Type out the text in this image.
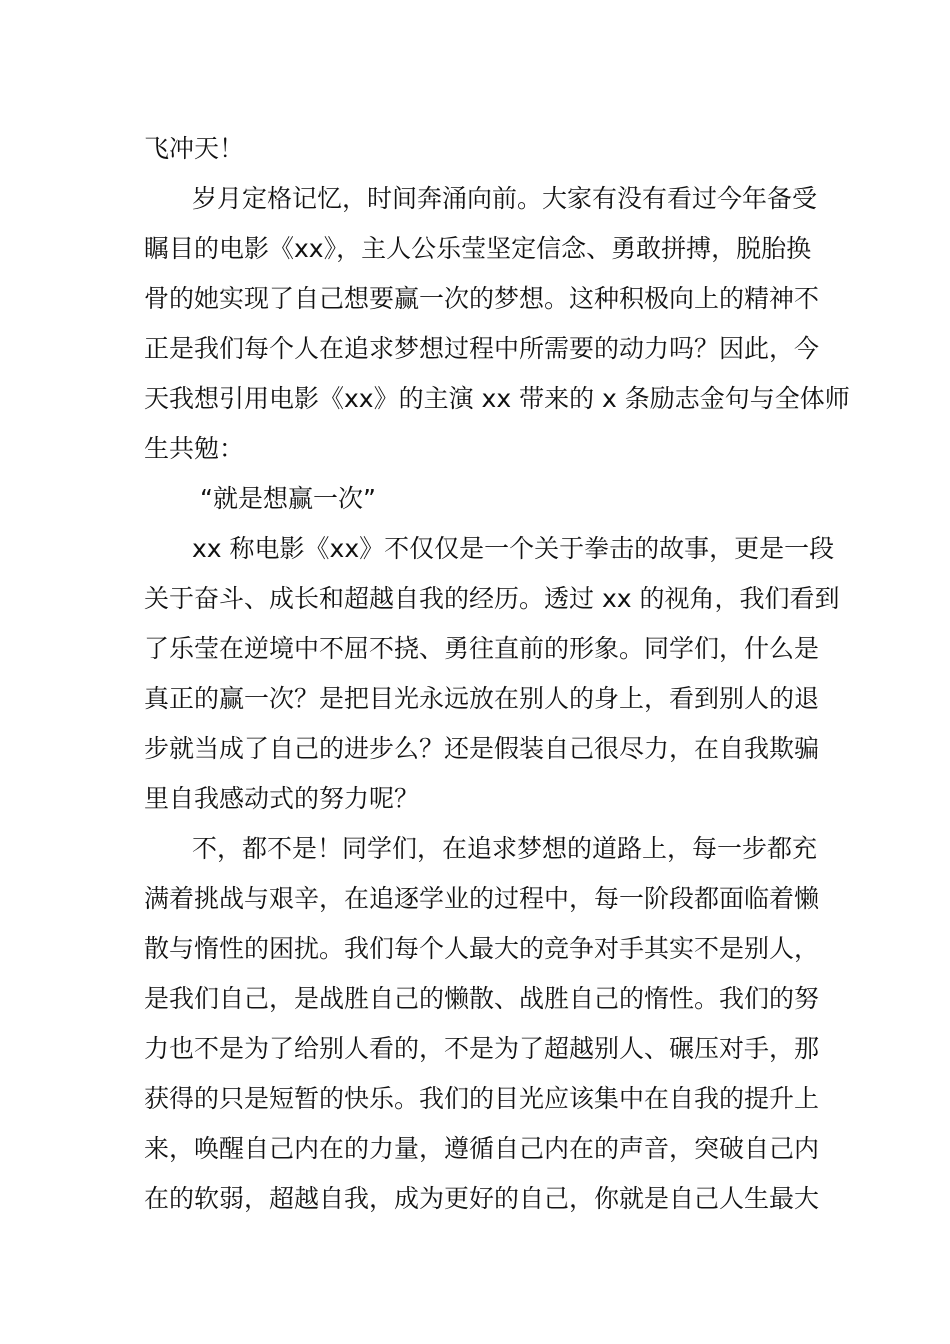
飞冲天！
岁月定格记忆，时间奔涌向前。大家有没有看过今年备受
瞩目的电影《xx》，主人公乐莹坚定信念、勇敢拼搏，脱胎换
骨的她实现了自己想要赢一次的梦想。这种积极向上的精神不
正是我们每个人在追求梦想过程中所需要的动力吗？因此，今
天我想引用电影《xx》的主演 xx 带来的 x 条励志金句与全体师
生共勉：
“就是想赢一次”
xx 称电影《xx》不仅仅是一个关于拳击的故事，更是一段
关于奋斗、成长和超越自我的经历。透过 xx 的视角，我们看到
了乐莹在逆境中不屈不挠、勇往直前的形象。同学们，什么是
真正的赢一次？是把目光永远放在别人的身上，看到别人的退
步就当成了自己的进步么？还是假装自己很尽力，在自我欺骗
里自我感动式的努力呢？
不，都不是！同学们，在追求梦想的道路上，每一步都充
满着挑战与艰辛，在追逐学业的过程中，每一阶段都面临着懒
散与惰性的困扰。我们每个人最大的竞争对手其实不是别人，
是我们自己，是战胜自己的懒散、战胜自己的惰性。我们的努
力也不是为了给别人看的，不是为了超越别人、碾压对手，那
获得的只是短暂的快乐。我们的目光应该集中在自我的提升上
来，唤醒自己内在的力量，遵循自己内在的声音，突破自己内
在的软弱，超越自我，成为更好的自己，你就是自己人生最大
